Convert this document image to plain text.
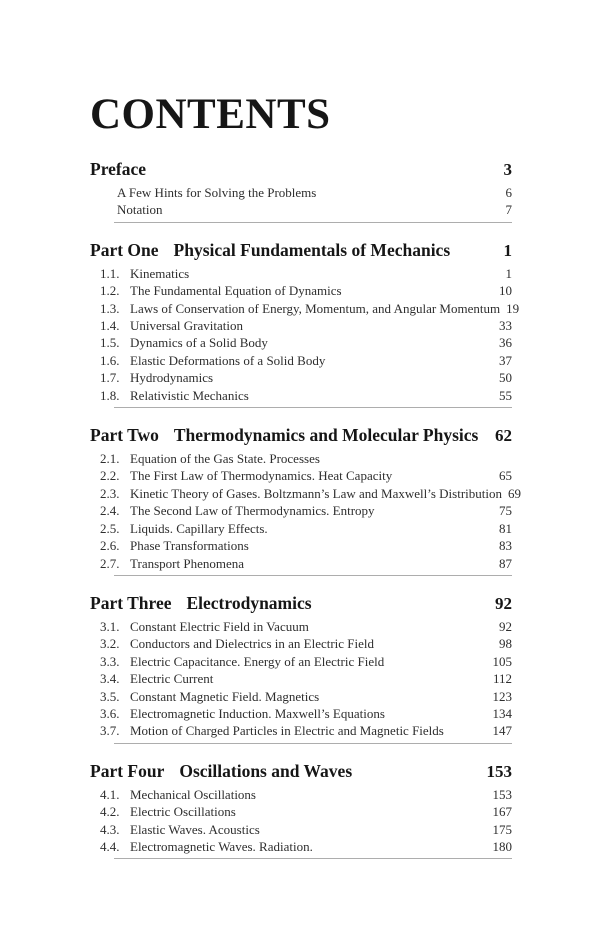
CONTENTS
Preface	3
A Few Hints for Solving the Problems	6
Notation	7
Part One Physical Fundamentals of Mechanics	1
1.1. Kinematics	1
1.2. The Fundamental Equation of Dynamics	10
1.3. Laws of Conservation of Energy, Momentum, and Angular Momentum 19
1.4. Universal Gravitation	33
1.5. Dynamics of a Solid Body	36
1.6. Elastic Deformations of a Solid Body	37
1.7. Hydrodynamics	50
1.8. Relativistic Mechanics	55
Part Two Thermodynamics and Molecular Physics 62
2.1. Equation of the Gas State. Processes
2.2. The First Law of Thermodynamics. Heat Capacity	65
2.3. Kinetic Theory of Gases. Boltzmann’s Law and Maxwell’s Distribution 69
2.4. The Second Law of Thermodynamics. Entropy	75
2.5. Liquids. Capillary Effects.	81
2.6. Phase Transformations	83
2.7. Transport Phenomena	87
Part Three Electrodynamics	92
3.1. Constant Electric Field in Vacuum	92
3.2. Conductors and Dielectrics in an Electric Field	98
3.3. Electric Capacitance. Energy of an Electric Field	105
3.4. Electric Current	112
3.5. Constant Magnetic Field. Magnetics	123
3.6. Electromagnetic Induction. Maxwell’s Equations	134
3.7. Motion of Charged Particles in Electric and Magnetic Fields	147
Part Four Oscillations and Waves	153
4.1. Mechanical Oscillations	153
4.2. Electric Oscillations	167
4.3. Elastic Waves. Acoustics	175
4.4. Electromagnetic Waves. Radiation.	180
